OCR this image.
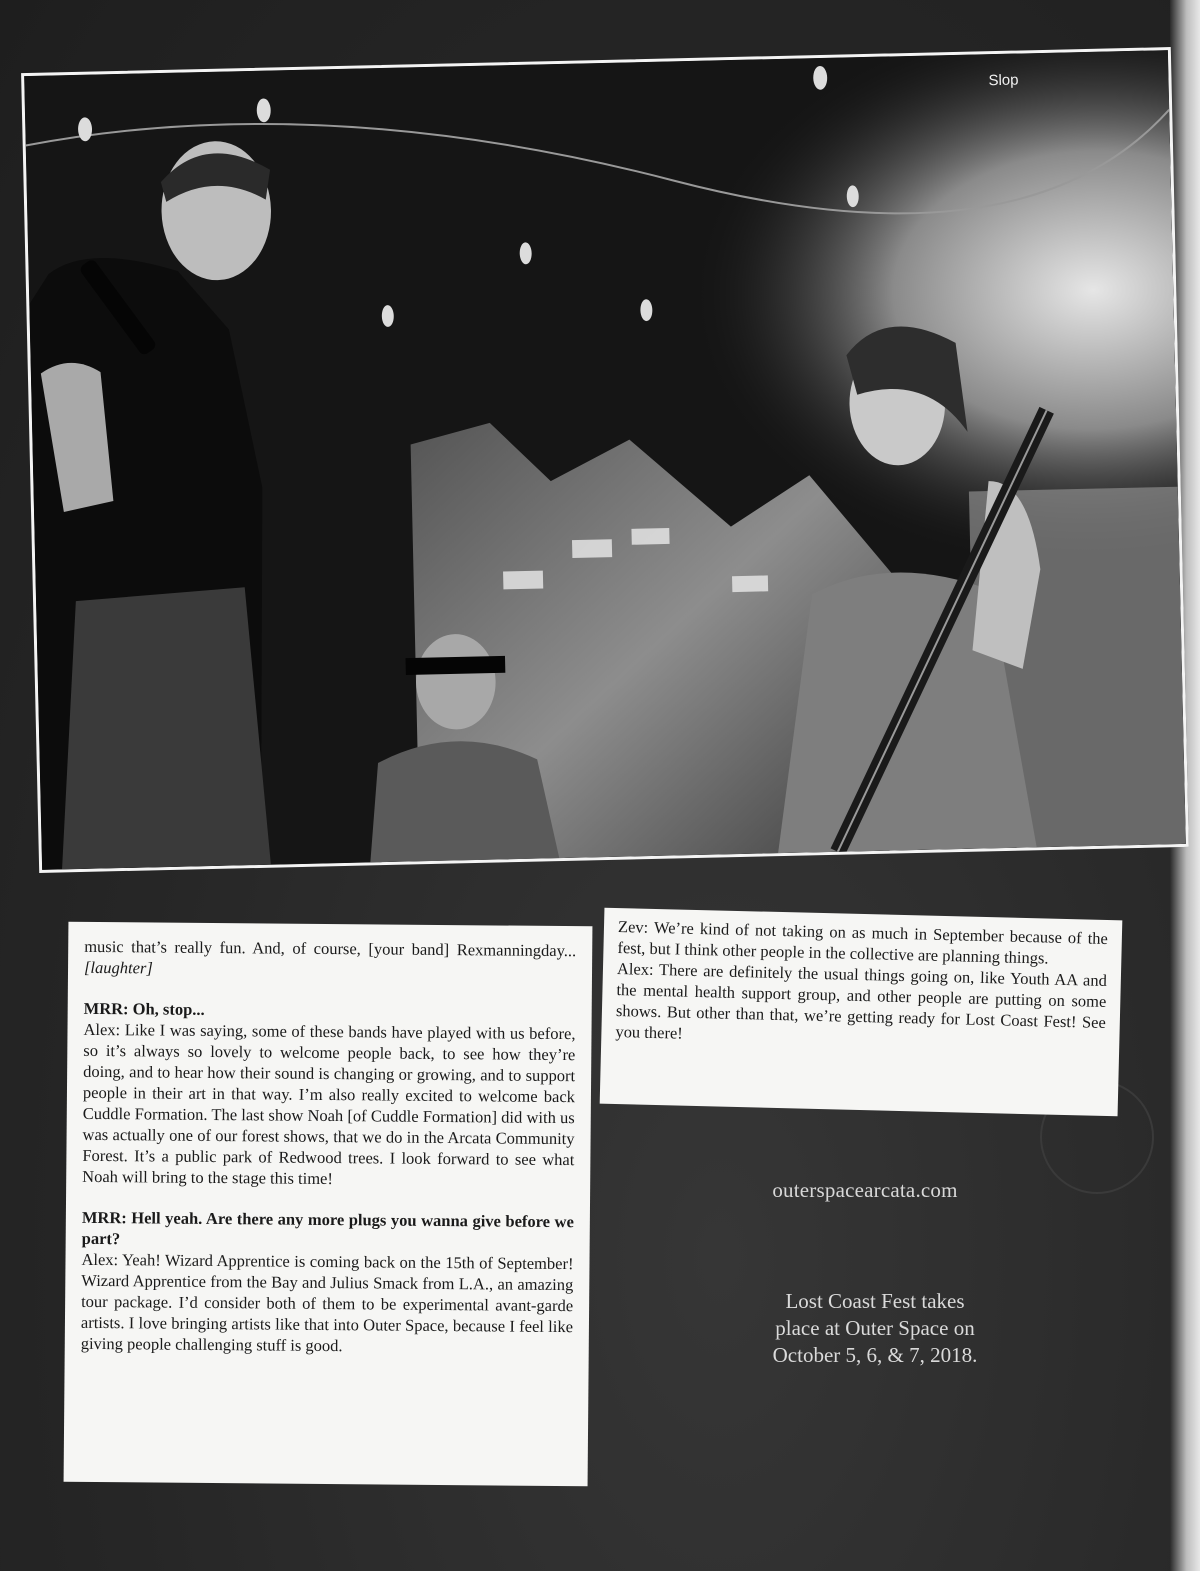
Slop

music that’s really fun. And, of course, [your band] Rexmanningday... [laughter]

MRR: Oh, stop...

Alex: Like I was saying, some of these bands have played with us before, so it’s always so lovely to welcome people back, to see how they’re doing, and to hear how their sound is changing or growing, and to support people in their art in that way. I’m also really excited to welcome back Cuddle Formation. The last show Noah [of Cuddle Formation] did with us was actually one of our forest shows, that we do in the Arcata Community Forest. It’s a public park of Redwood trees. I look forward to see what Noah will bring to the stage this time!

MRR: Hell yeah. Are there any more plugs you wanna give before we part?

Alex: Yeah! Wizard Apprentice is coming back on the 15th of September! Wizard Apprentice from the Bay and Julius Smack from L.A., an amazing tour package. I’d consider both of them to be experimental avant-garde artists. I love bringing artists like that into Outer Space, because I feel like giving people challenging stuff is good.

Zev: We’re kind of not taking on as much in September because of the fest, but I think other people in the collective are planning things.

Alex: There are definitely the usual things going on, like Youth AA and the mental health support group, and other people are putting on some shows. But other than that, we’re getting ready for Lost Coast Fest! See you there!

outerspacearcata.com
Lost Coast Fest takes
place at Outer Space on
October 5, 6, & 7, 2018.
